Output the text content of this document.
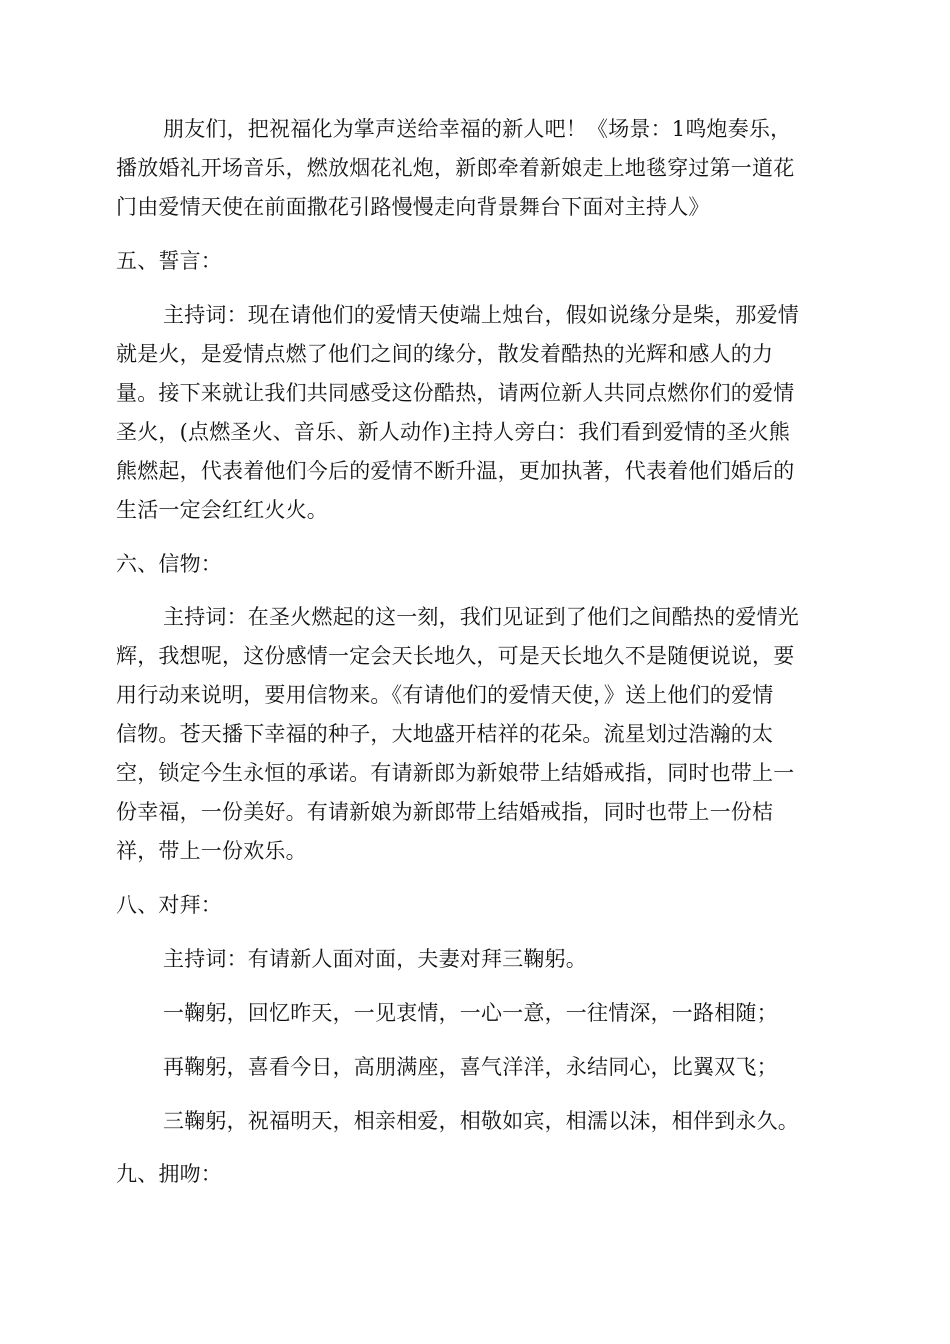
朋友们，把祝福化为掌声送给幸福的新人吧！《场景：1鸣炮奏乐，

播放婚礼开场音乐，燃放烟花礼炮，新郎牵着新娘走上地毯穿过第一道花

门由爱情天使在前面撒花引路慢慢走向背景舞台下面对主持人》

五、誓言：

主持词：现在请他们的爱情天使端上烛台，假如说缘分是柴，那爱情

就是火，是爱情点燃了他们之间的缘分，散发着酷热的光辉和感人的力

量。接下来就让我们共同感受这份酷热，请两位新人共同点燃你们的爱情

圣火，(点燃圣火、音乐、新人动作)主持人旁白：我们看到爱情的圣火熊

熊燃起，代表着他们今后的爱情不断升温，更加执著，代表着他们婚后的

生活一定会红红火火。

六、信物：

主持词：在圣火燃起的这一刻，我们见证到了他们之间酷热的爱情光

辉，我想呢，这份感情一定会天长地久，可是天长地久不是随便说说，要

用行动来说明，要用信物来。《有请他们的爱情天使，》送上他们的爱情

信物。苍天播下幸福的种子，大地盛开桔祥的花朵。流星划过浩瀚的太

空，锁定今生永恒的承诺。有请新郎为新娘带上结婚戒指，同时也带上一

份幸福，一份美好。有请新娘为新郎带上结婚戒指，同时也带上一份桔

祥，带上一份欢乐。

八、对拜：

主持词：有请新人面对面，夫妻对拜三鞠躬。

一鞠躬，回忆昨天，一见衷情，一心一意，一往情深，一路相随；

再鞠躬，喜看今日，高朋满座，喜气洋洋，永结同心，比翼双飞；

三鞠躬，祝福明天，相亲相爱，相敬如宾，相濡以沫，相伴到永久。

九、拥吻：
